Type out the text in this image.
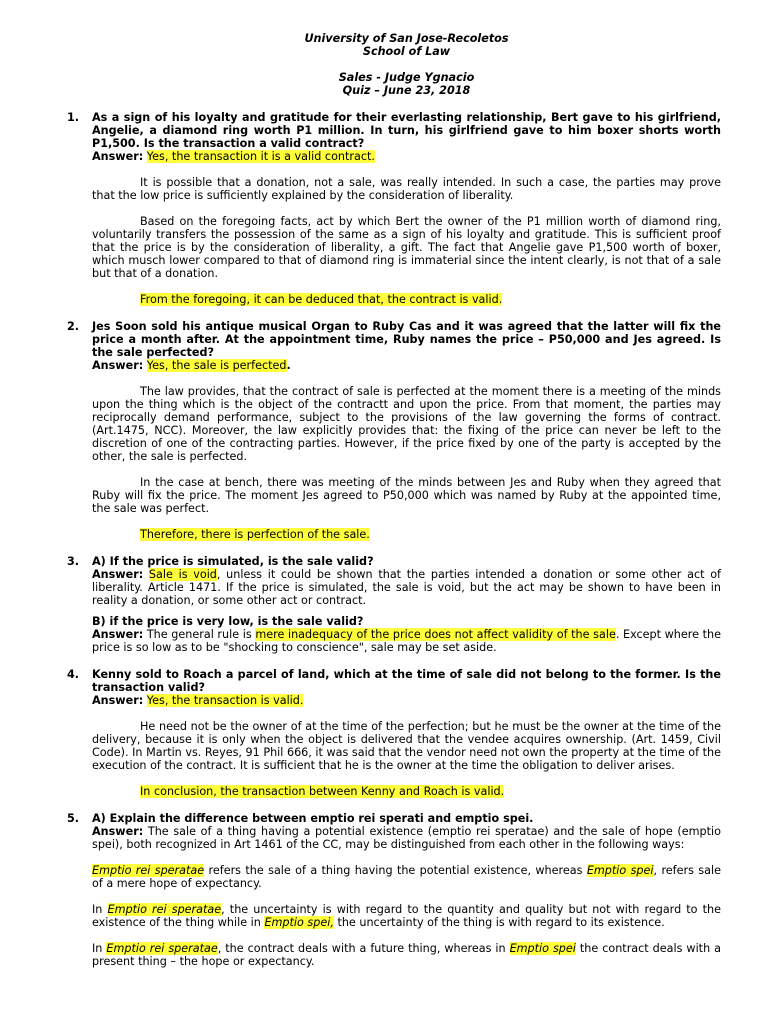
University of San Jose-Recoletos
School of Law
Sales - Judge Ygnacio
Quiz – June 23, 2018
1. As a sign of his loyalty and gratitude for their everlasting relationship, Bert gave to his girlfriend, Angelie, a diamond ring worth P1 million. In turn, his girlfriend gave to him boxer shorts worth P1,500. Is the transaction a valid contract?

Answer: Yes, the transaction it is a valid contract.

It is possible that a donation, not a sale, was really intended. In such a case, the parties may prove that the low price is sufficiently explained by the consideration of liberality.

Based on the foregoing facts, act by which Bert the owner of the P1 million worth of diamond ring, voluntarily transfers the possession of the same as a sign of his loyalty and gratitude. This is sufficient proof that the price is by the consideration of liberality, a gift. The fact that Angelie gave P1,500 worth of boxer, which musch lower compared to that of diamond ring is immaterial since the intent clearly, is not that of a sale but that of a donation.

From the foregoing, it can be deduced that, the contract is valid.

2. Jes Soon sold his antique musical Organ to Ruby Cas and it was agreed that the latter will fix the price a month after. At the appointment time, Ruby names the price – P50,000 and Jes agreed. Is the sale perfected?

Answer: Yes, the sale is perfected.

The law provides, that the contract of sale is perfected at the moment there is a meeting of the minds upon the thing which is the object of the contractt and upon the price. From that moment, the parties may reciprocally demand performance, subject to the provisions of the law governing the forms of contract. (Art.1475, NCC). Moreover, the law explicitly provides that: the fixing of the price can never be left to the discretion of one of the contracting parties. However, if the price fixed by one of the party is accepted by the other, the sale is perfected.

In the case at bench, there was meeting of the minds between Jes and Ruby when they agreed that Ruby will fix the price. The moment Jes agreed to P50,000 which was named by Ruby at the appointed time, the sale was perfect.

Therefore, there is perfection of the sale.

3. A) If the price is simulated, is the sale valid?

Answer: Sale is void, unless it could be shown that the parties intended a donation or some other act of liberality. Article 1471. If the price is simulated, the sale is void, but the act may be shown to have been in reality a donation, or some other act or contract.

B) if the price is very low, is the sale valid?

Answer: The general rule is mere inadequacy of the price does not affect validity of the sale. Except where the price is so low as to be "shocking to conscience", sale may be set aside.

4. Kenny sold to Roach a parcel of land, which at the time of sale did not belong to the former. Is the transaction valid?

Answer: Yes, the transaction is valid.

He need not be the owner of at the time of the perfection; but he must be the owner at the time of the delivery, because it is only when the object is delivered that the vendee acquires ownership. (Art. 1459, Civil Code). In Martin vs. Reyes, 91 Phil 666, it was said that the vendor need not own the property at the time of the execution of the contract. It is sufficient that he is the owner at the time the obligation to deliver arises.

In conclusion, the transaction between Kenny and Roach is valid.

5. A) Explain the difference between emptio rei sperati and emptio spei.

Answer: The sale of a thing having a potential existence (emptio rei speratae) and the sale of hope (emptio spei), both recognized in Art 1461 of the CC, may be distinguished from each other in the following ways:

Emptio rei speratae refers the sale of a thing having the potential existence, whereas Emptio spei, refers sale of a mere hope of expectancy.

In Emptio rei speratae, the uncertainty is with regard to the quantity and quality but not with regard to the existence of the thing while in Emptio spei, the uncertainty of the thing is with regard to its existence.

In Emptio rei speratae, the contract deals with a future thing, whereas in Emptio spei the contract deals with a present thing – the hope or expectancy.
